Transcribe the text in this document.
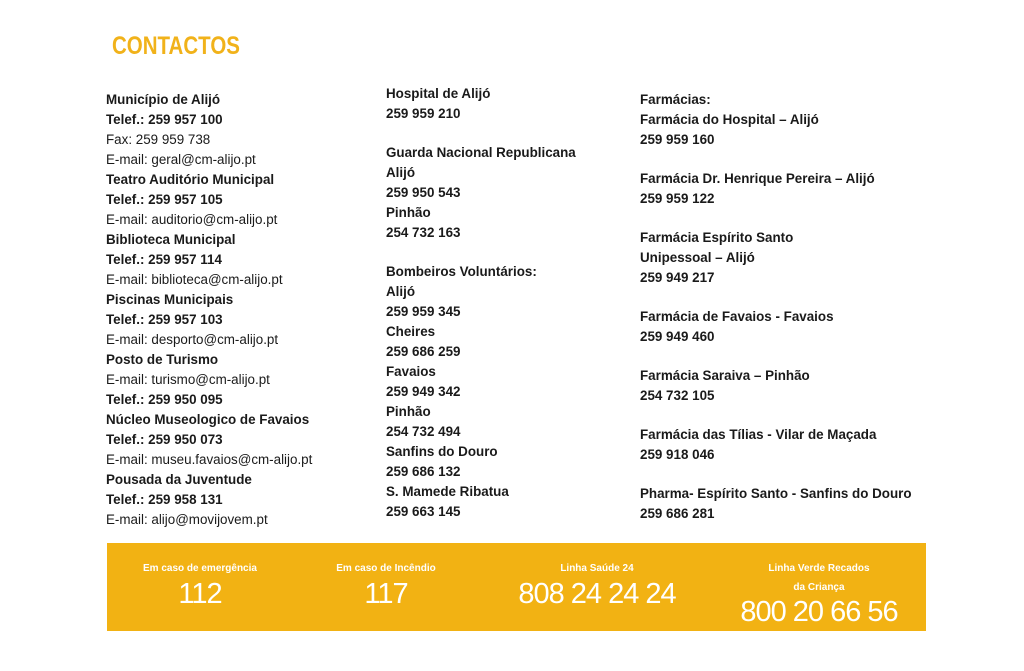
CONTACTOS
Município de Alijó
Telef.: 259 957 100
Fax: 259 959 738
E-mail: geral@cm-alijo.pt
Teatro Auditório Municipal
Telef.: 259 957 105
E-mail: auditorio@cm-alijo.pt
Biblioteca Municipal
Telef.: 259 957 114
E-mail: biblioteca@cm-alijo.pt
Piscinas Municipais
Telef.: 259 957 103
E-mail: desporto@cm-alijo.pt
Posto de Turismo
E-mail: turismo@cm-alijo.pt
Telef.: 259 950 095
Núcleo Museologico de Favaios
Telef.: 259 950 073
E-mail: museu.favaios@cm-alijo.pt
Pousada da Juventude
Telef.: 259 958 131
E-mail: alijo@movijovem.pt
Hospital de Alijó
259 959 210
Guarda Nacional Republicana
Alijó
259 950 543
Pinhão
254 732 163
Bombeiros Voluntários:
Alijó
259 959 345
Cheires
259 686 259
Favaios
259 949 342
Pinhão
254 732 494
Sanfins do Douro
259 686 132
S. Mamede Ribatua
259 663 145
Farmácias:
Farmácia do Hospital – Alijó
259 959 160
Farmácia Dr. Henrique Pereira – Alijó
259 959 122
Farmácia Espírito Santo
Unipessoal – Alijó
259 949 217
Farmácia de Favaios - Favaios
259 949 460
Farmácia Saraiva – Pinhão
254 732 105
Farmácia das Tílias - Vilar de Maçada
259 918 046
Pharma- Espírito Santo - Sanfins do Douro
259 686 281
Em caso de emergência
112
Em caso de Incêndio
117
Linha Saúde 24
808 24 24 24
Linha Verde Recados
da Criança
800 20 66 56
